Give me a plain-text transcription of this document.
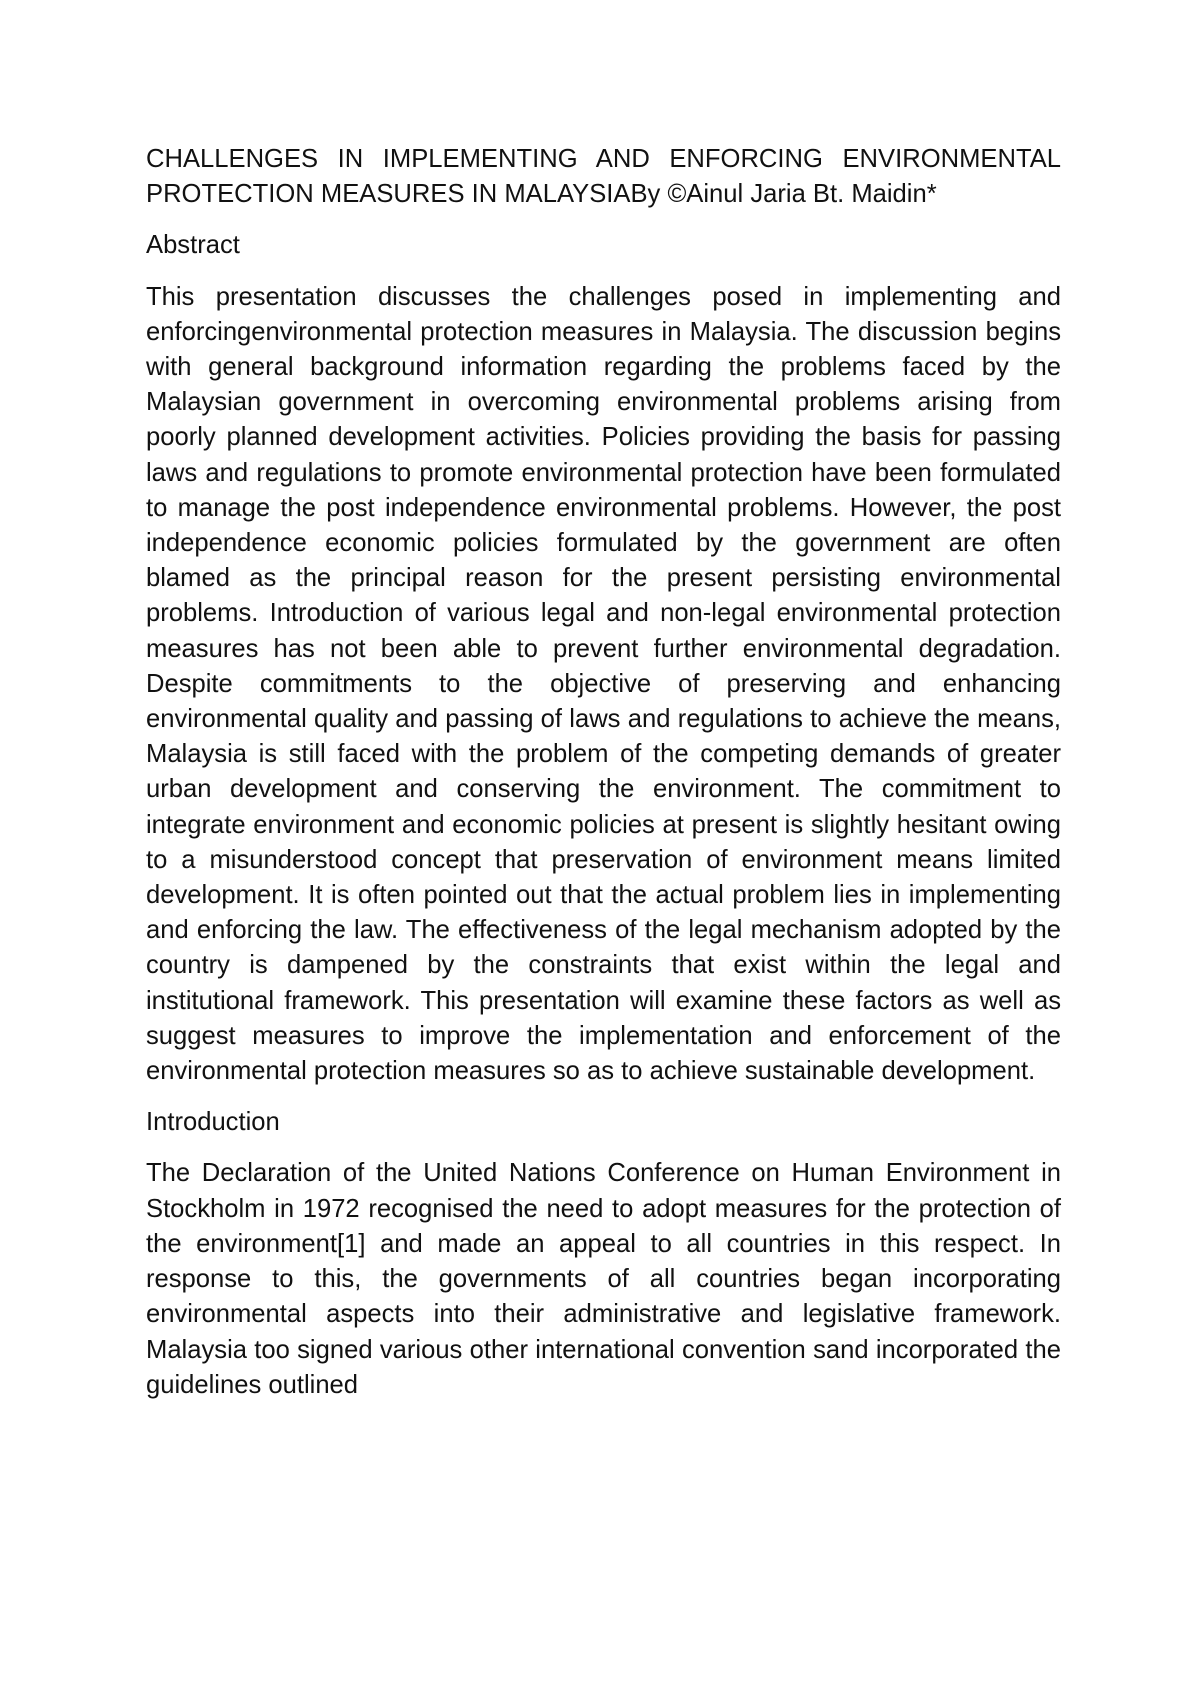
CHALLENGES IN IMPLEMENTING AND ENFORCING ENVIRONMENTAL PROTECTION MEASURES IN MALAYSIABy ©Ainul Jaria Bt. Maidin*

Abstract

This presentation discusses the challenges posed in implementing and enforcingenvironmental protection measures in Malaysia. The discussion begins with general background information regarding the problems faced by the Malaysian government in overcoming environmental problems arising from poorly planned development activities. Policies providing the basis for passing laws and regulations to promote environmental protection have been formulated to manage the post independence environmental problems. However, the post independence economic policies formulated by the government are often blamed as the principal reason for the present persisting environmental problems. Introduction of various legal and non-legal environmental protection measures has not been able to prevent further environmental degradation. Despite commitments to the objective of preserving and enhancing environmental quality and passing of laws and regulations to achieve the means, Malaysia is still faced with the problem of the competing demands of greater urban development and conserving the environment. The commitment to integrate environment and economic policies at present is slightly hesitant owing to a misunderstood concept that preservation of environment means limited development. It is often pointed out that the actual problem lies in implementing and enforcing the law. The effectiveness of the legal mechanism adopted by the country is dampened by the constraints that exist within the legal and institutional framework. This presentation will examine these factors as well as suggest measures to improve the implementation and enforcement of the environmental protection measures so as to achieve sustainable development.

Introduction

The Declaration of the United Nations Conference on Human Environment in Stockholm in 1972 recognised the need to adopt measures for the protection of the environment[1] and made an appeal to all countries in this respect. In response to this, the governments of all countries began incorporating environmental aspects into their administrative and legislative framework. Malaysia too signed various other international convention sand incorporated the guidelines outlined
